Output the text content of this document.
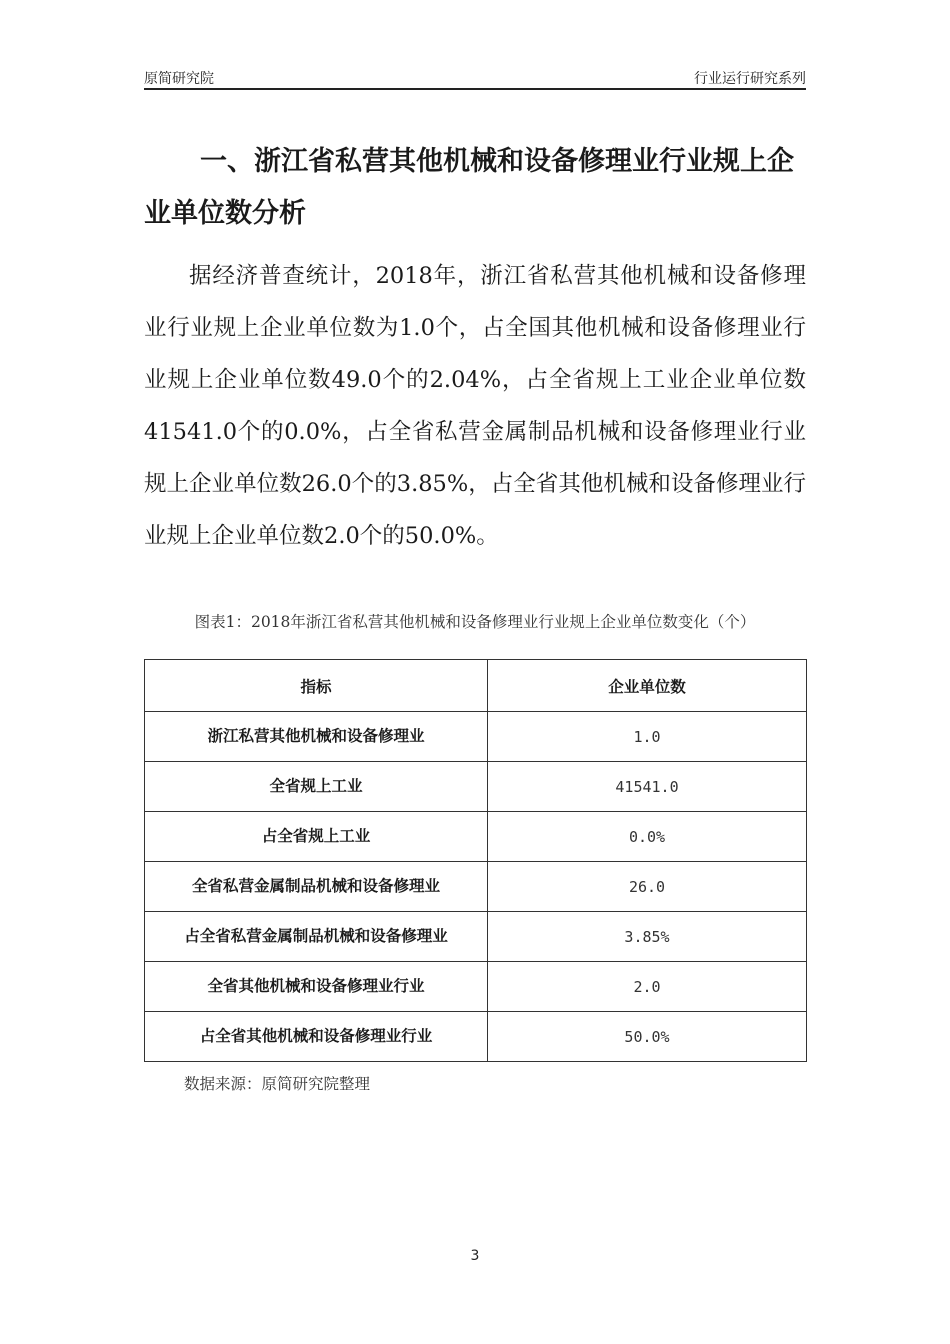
原简研究院	行业运行研究系列
一、浙江省私营其他机械和设备修理业行业规上企业单位数分析

据经济普查统计，2018年，浙江省私营其他机械和设备修理业行业规上企业单位数为1.0个，占全国其他机械和设备修理业行业规上企业单位数49.0个的2.04%，占全省规上工业企业单位数41541.0个的0.0%，占全省私营金属制品机械和设备修理业行业规上企业单位数26.0个的3.85%，占全省其他机械和设备修理业行业规上企业单位数2.0个的50.0%。

图表1：2018年浙江省私营其他机械和设备修理业行业规上企业单位数变化（个）
指标	企业单位数
浙江私营其他机械和设备修理业	1.0
全省规上工业	41541.0
占全省规上工业	0.0%
全省私营金属制品机械和设备修理业	26.0
占全省私营金属制品机械和设备修理业	3.85%
全省其他机械和设备修理业行业	2.0
占全省其他机械和设备修理业行业	50.0%
数据来源：原简研究院整理
3
